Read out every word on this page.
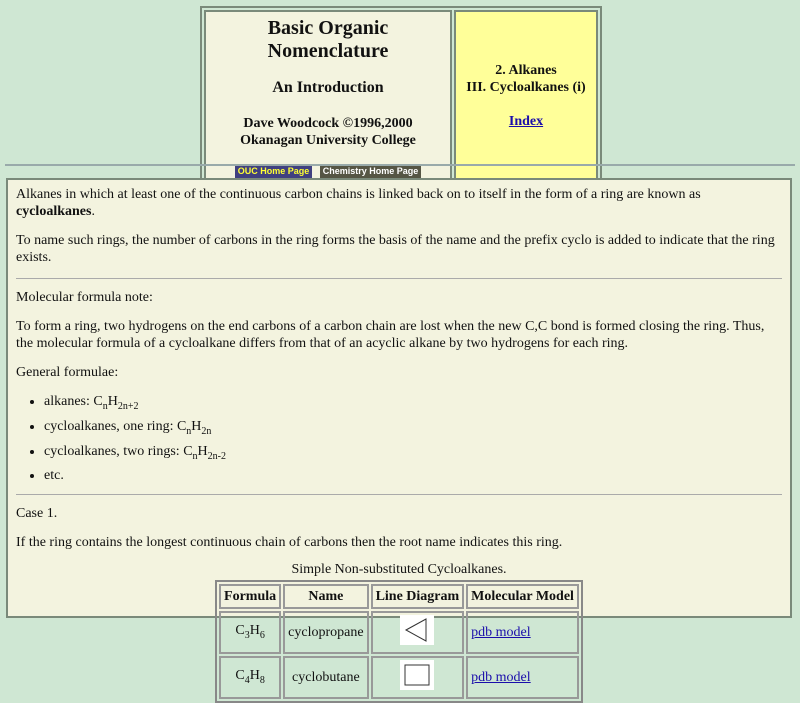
Basic Organic Nomenclature
An Introduction
Dave Woodcock ©1996,2000
Okanagan University College
OUC Home Page Chemistry Home Page	
2. Alkanes
III. Cycloalkanes (i)
Index

Alkanes in which at least one of the continuous carbon chains is linked back on to itself in the form of a ring are known as cycloalkanes.

To name such rings, the number of carbons in the ring forms the basis of the name and the prefix cyclo is added to indicate that the ring exists.

Molecular formula note:

To form a ring, two hydrogens on the end carbons of a carbon chain are lost when the new C,C bond is formed closing the ring. Thus, the molecular formula of a cycloalkane differs from that of an acyclic alkane by two hydrogens for each ring.

General formulae:

• alkanes: $C_nH_{2n+2}$
• cycloalkanes, one ring: $C_nH_{2n}$
• cycloalkanes, two rings: $C_nH_{2n-2}$
• etc.

Case 1.

If the ring contains the longest continuous chain of carbons then the root name indicates this ring.

Simple Non-substituted Cycloalkanes.
Formula	Name	Line Diagram	Molecular Model
$C_3H_6$	cyclopropane		pdb model
$C_4H_8$	cyclobutane		pdb model
